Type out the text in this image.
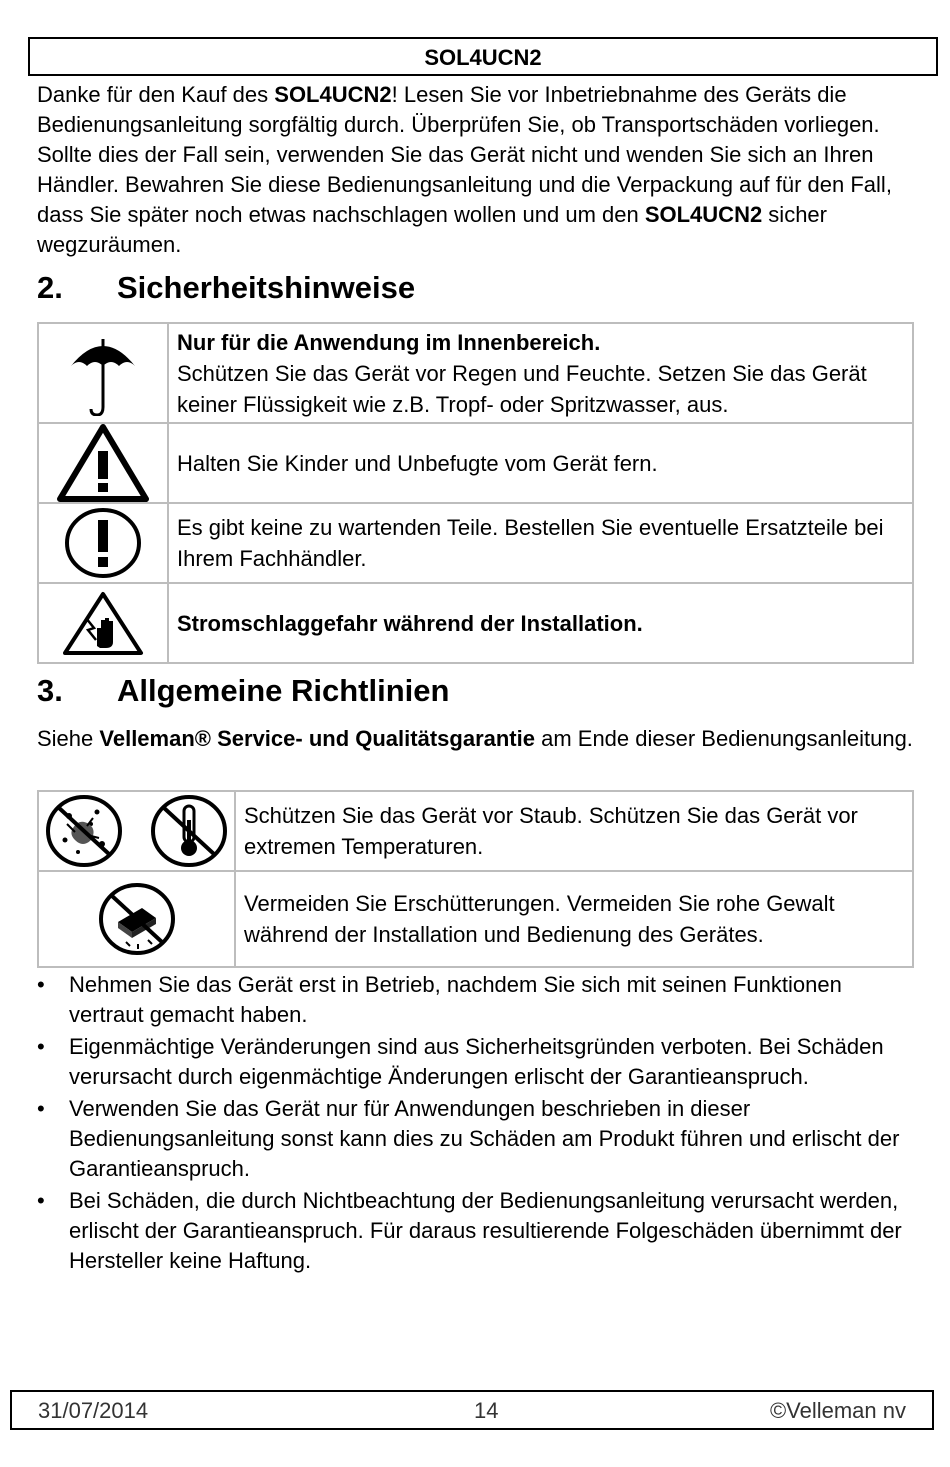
SOL4UCN2
Danke für den Kauf des SOL4UCN2! Lesen Sie vor Inbetriebnahme des Geräts die Bedienungsanleitung sorgfältig durch. Überprüfen Sie, ob Transportschäden vorliegen. Sollte dies der Fall sein, verwenden Sie das Gerät nicht und wenden Sie sich an Ihren Händler. Bewahren Sie diese Bedienungsanleitung und die Verpackung auf für den Fall, dass Sie später noch etwas nachschlagen wollen und um den SOL4UCN2 sicher wegzuräumen.
2. Sicherheitshinweise

Nur für die Anwendung im Innenbereich.
Schützen Sie das Gerät vor Regen und Feuchte. Setzen Sie das Gerät keiner Flüssigkeit wie z.B. Tropf- oder Spritzwasser, aus.

Halten Sie Kinder und Unbefugte vom Gerät fern.

Es gibt keine zu wartenden Teile. Bestellen Sie eventuelle Ersatzteile bei Ihrem Fachhändler.

Stromschlaggefahr während der Installation.
3. Allgemeine Richtlinien
Siehe Velleman® Service- und Qualitätsgarantie am Ende dieser Bedienungsanleitung.

Schützen Sie das Gerät vor Staub. Schützen Sie das Gerät vor extremen Temperaturen.

Vermeiden Sie Erschütterungen. Vermeiden Sie rohe Gewalt während der Installation und Bedienung des Gerätes.
• Nehmen Sie das Gerät erst in Betrieb, nachdem Sie sich mit seinen Funktionen vertraut gemacht haben.
• Eigenmächtige Veränderungen sind aus Sicherheitsgründen verboten. Bei Schäden verursacht durch eigenmächtige Änderungen erlischt der Garantieanspruch.
• Verwenden Sie das Gerät nur für Anwendungen beschrieben in dieser Bedienungsanleitung sonst kann dies zu Schäden am Produkt führen und erlischt der Garantieanspruch.
• Bei Schäden, die durch Nichtbeachtung der Bedienungsanleitung verursacht werden, erlischt der Garantieanspruch. Für daraus resultierende Folgeschäden übernimmt der Hersteller keine Haftung.
31/07/2014	14	©Velleman nv
